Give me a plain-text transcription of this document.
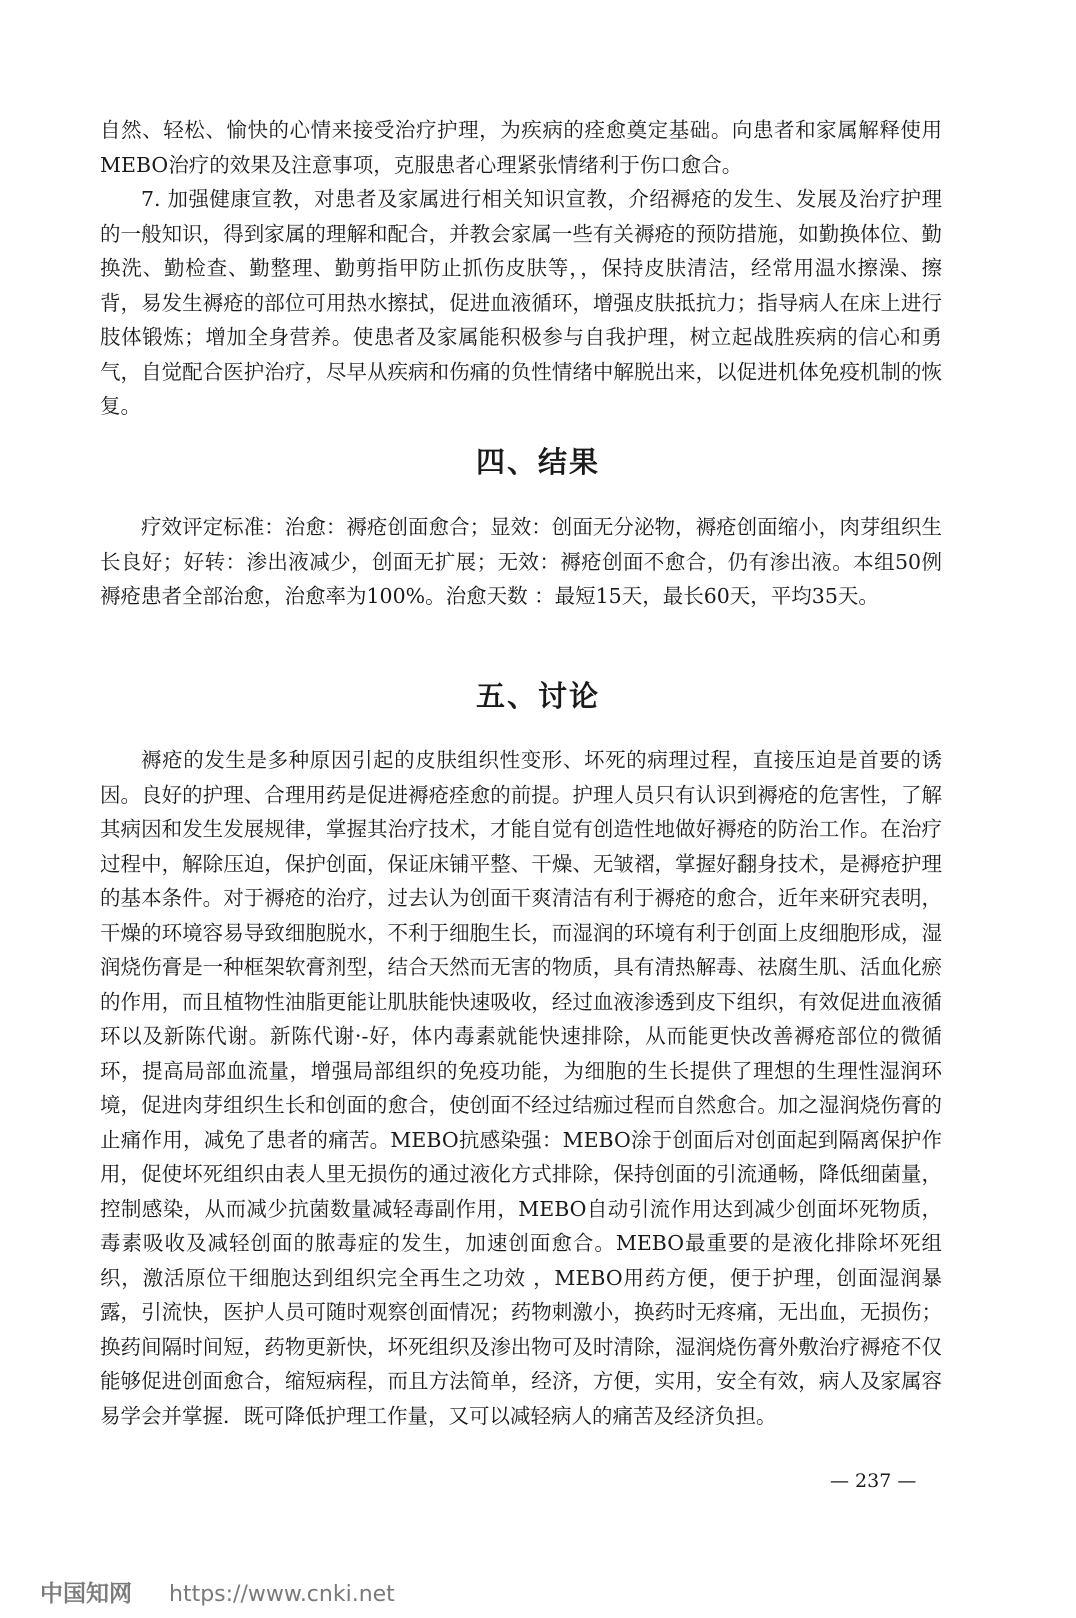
自然、轻松、愉快的心情来接受治疗护理，为疾病的痊愈奠定基础。向患者和家属解释使用MEBO治疗的效果及注意事项，克服患者心理紧张情绪利于伤口愈合。

7. 加强健康宣教，对患者及家属进行相关知识宣教，介绍褥疮的发生、发展及治疗护理的一般知识，得到家属的理解和配合，并教会家属一些有关褥疮的预防措施，如勤换体位、勤换洗、勤检查、勤整理、勤剪指甲防止抓伤皮肤等，，保持皮肤清洁，经常用温水擦澡、擦背，易发生褥疮的部位可用热水擦拭，促进血液循环，增强皮肤抵抗力；指导病人在床上进行肢体锻炼；增加全身营养。使患者及家属能积极参与自我护理，树立起战胜疾病的信心和勇气，自觉配合医护治疗，尽早从疾病和伤痛的负性情绪中解脱出来，以促进机体免疫机制的恢复。

四、结果

疗效评定标准：治愈：褥疮创面愈合；显效：创面无分泌物，褥疮创面缩小，肉芽组织生长良好；好转：渗出液减少，创面无扩展；无效：褥疮创面不愈合，仍有渗出液。本组50例 褥疮患者全部治愈，治愈率为100%。治愈天数 ：最短15天，最长60天，平均35天。

五、讨论

褥疮的发生是多种原因引起的皮肤组织性变形、坏死的病理过程，直接压迫是首要的诱因。良好的护理、合理用药是促进褥疮痊愈的前提。护理人员只有认识到褥疮的危害性，了解其病因和发生发展规律，掌握其治疗技术，才能自觉有创造性地做好褥疮的防治工作。在治疗过程中，解除压迫，保护创面，保证床铺平整、干燥、无皱褶，掌握好翻身技术，是褥疮护理的基本条件。对于褥疮的治疗，过去认为创面干爽清洁有利于褥疮的愈合，近年来研究表明，干燥的环境容易导致细胞脱水，不利于细胞生长，而湿润的环境有利于创面上皮细胞形成，湿润烧伤膏是一种框架软膏剂型，结合天然而无害的物质，具有清热解毒、祛腐生肌、活血化瘀的作用，而且植物性油脂更能让肌肤能快速吸收，经过血液渗透到皮下组织，有效促进血液循环以及新陈代谢。新陈代谢·-好，体内毒素就能快速排除，从而能更快改善褥疮部位的微循环，提高局部血流量，增强局部组织的免疫功能，为细胞的生长提供了理想的生理性湿润环境，促进肉芽组织生长和创面的愈合，使创面不经过结痂过程而自然愈合。加之湿润烧伤膏的止痛作用，减免了患者的痛苦。MEBO抗感染强：MEBO涂于创面后对创面起到隔离保护作用，促使坏死组织由表人里无损伤的通过液化方式排除，保持创面的引流通畅，降低细菌量，控制感染，从而减少抗菌数量减轻毒副作用，MEBO自动引流作用达到减少创面坏死物质，毒素吸收及减轻创面的脓毒症的发生，加速创面愈合。MEBO最重要的是液化排除坏死组织，激活原位干细胞达到组织完全再生之功效 ，MEBO用药方便，便于护理，创面湿润暴露，引流快，医护人员可随时观察创面情况；药物刺激小，换药时无疼痛，无出血，无损伤；换药间隔时间短，药物更新快，坏死组织及渗出物可及时清除，湿润烧伤膏外敷治疗褥疮不仅能够促进创面愈合，缩短病程，而且方法简单，经济，方便，实用，安全有效，病人及家属容易学会并掌握．既可降低护理工作量，又可以减轻病人的痛苦及经济负担。

— 237 —
中国知网 https://www.cnki.net
